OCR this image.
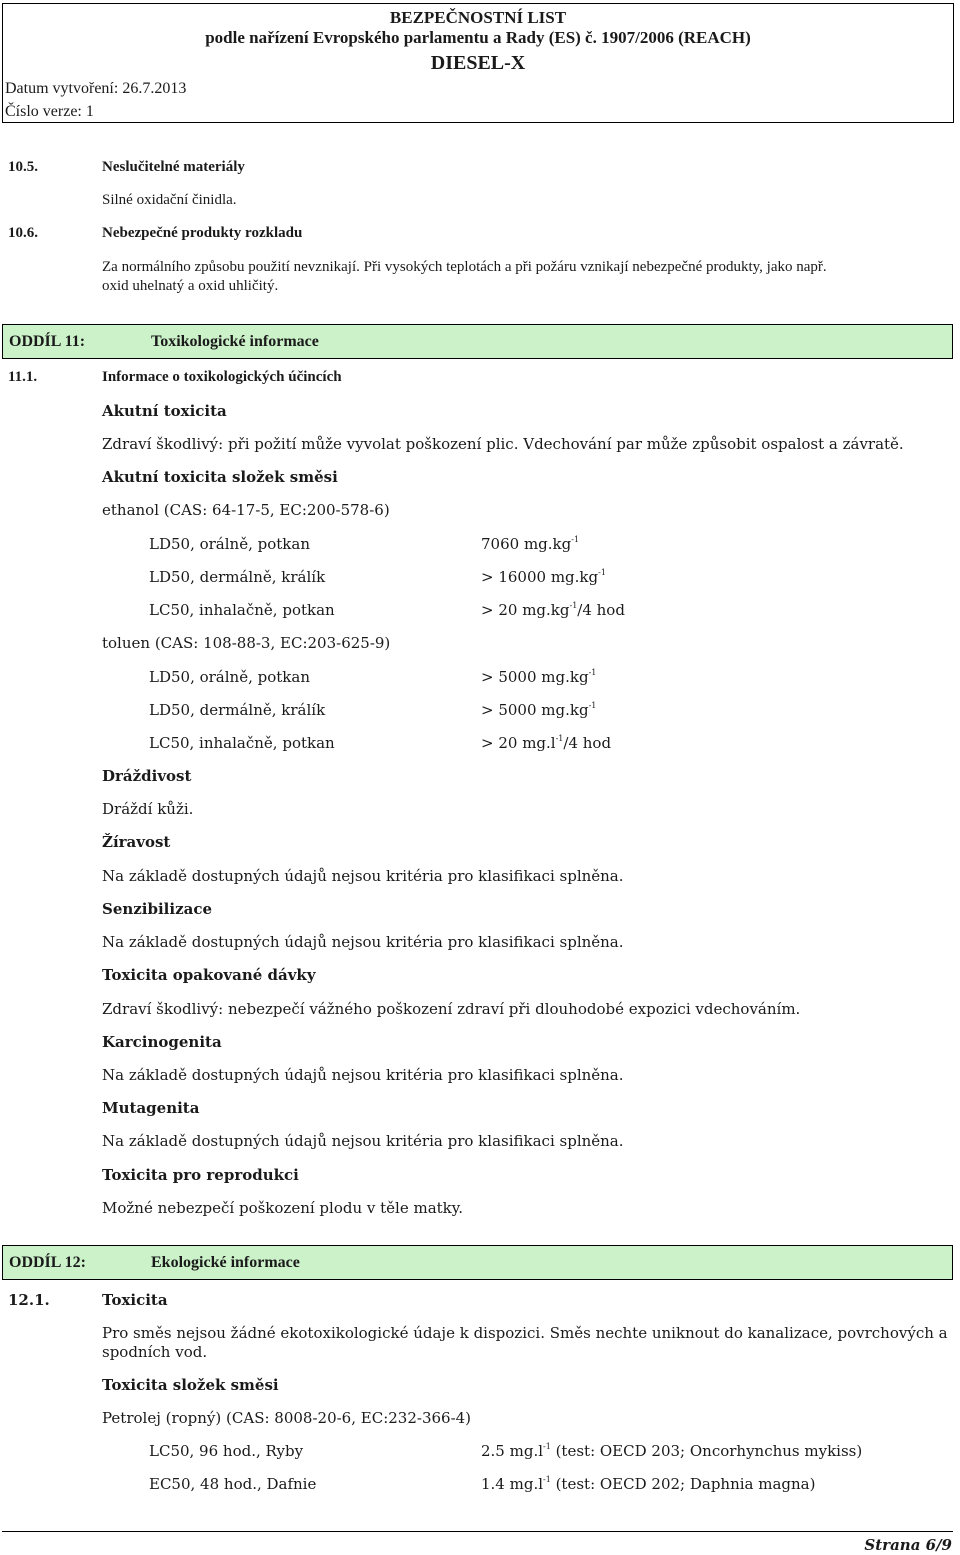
BEZPEČNOSTNÍ LIST
podle nařízení Evropského parlamentu a Rady (ES) č. 1907/2006 (REACH)
DIESEL-X
Datum vytvoření: 26.7.2013
Číslo verze: 1
10.5.	Neslučitelné materiály
Silné oxidační činidla.
10.6.	Nebezpečné produkty rozkladu
Za normálního způsobu použití nevznikají. Při vysokých teplotách a při požáru vznikají nebezpečné produkty, jako např.
oxid uhelnatý a oxid uhličitý.
ODDÍL 11:	Toxikologické informace
11.1.	Informace o toxikologických účincích
Akutní toxicita
Zdraví škodlivý: při požití může vyvolat poškození plic. Vdechování par může způsobit ospalost a závratě.
Akutní toxicita složek směsi
ethanol (CAS: 64-17-5, EC:200-578-6)
LD50, orálně, potkan	7060 $mg.kg^{-1}$
LD50, dermálně, králík	> 16000 $mg.kg^{-1}$
LC50, inhalačně, potkan	> 20 $mg.kg^{-1}/4$ hod
toluen (CAS: 108-88-3, EC:203-625-9)
LD50, orálně, potkan	> 5000 $mg.kg^{-1}$
LD50, dermálně, králík	> 5000 $mg.kg^{-1}$
LC50, inhalačně, potkan	> 20 $mg.l^{-1}/4$ hod
Dráždivost
Dráždí kůži.
Žíravost
Na základě dostupných údajů nejsou kritéria pro klasifikaci splněna.
Senzibilizace
Na základě dostupných údajů nejsou kritéria pro klasifikaci splněna.
Toxicita opakované dávky
Zdraví škodlivý: nebezpečí vážného poškození zdraví při dlouhodobé expozici vdechováním.
Karcinogenita
Na základě dostupných údajů nejsou kritéria pro klasifikaci splněna.
Mutagenita
Na základě dostupných údajů nejsou kritéria pro klasifikaci splněna.
Toxicita pro reprodukci
Možné nebezpečí poškození plodu v těle matky.
ODDÍL 12:	Ekologické informace
12.1.	Toxicita
Pro směs nejsou žádné ekotoxikologické údaje k dispozici. Směs nechte uniknout do kanalizace, povrchových a
spodních vod.
Toxicita složek směsi
Petrolej (ropný) (CAS: 8008-20-6, EC:232-366-4)
LC50, 96 hod., Ryby	2.5 $mg.l^{-1}$ (test: OECD 203; Oncorhynchus mykiss)
EC50, 48 hod., Dafnie	1.4 $mg.l^{-1}$ (test: OECD 202; Daphnia magna)
Strana 6/9
